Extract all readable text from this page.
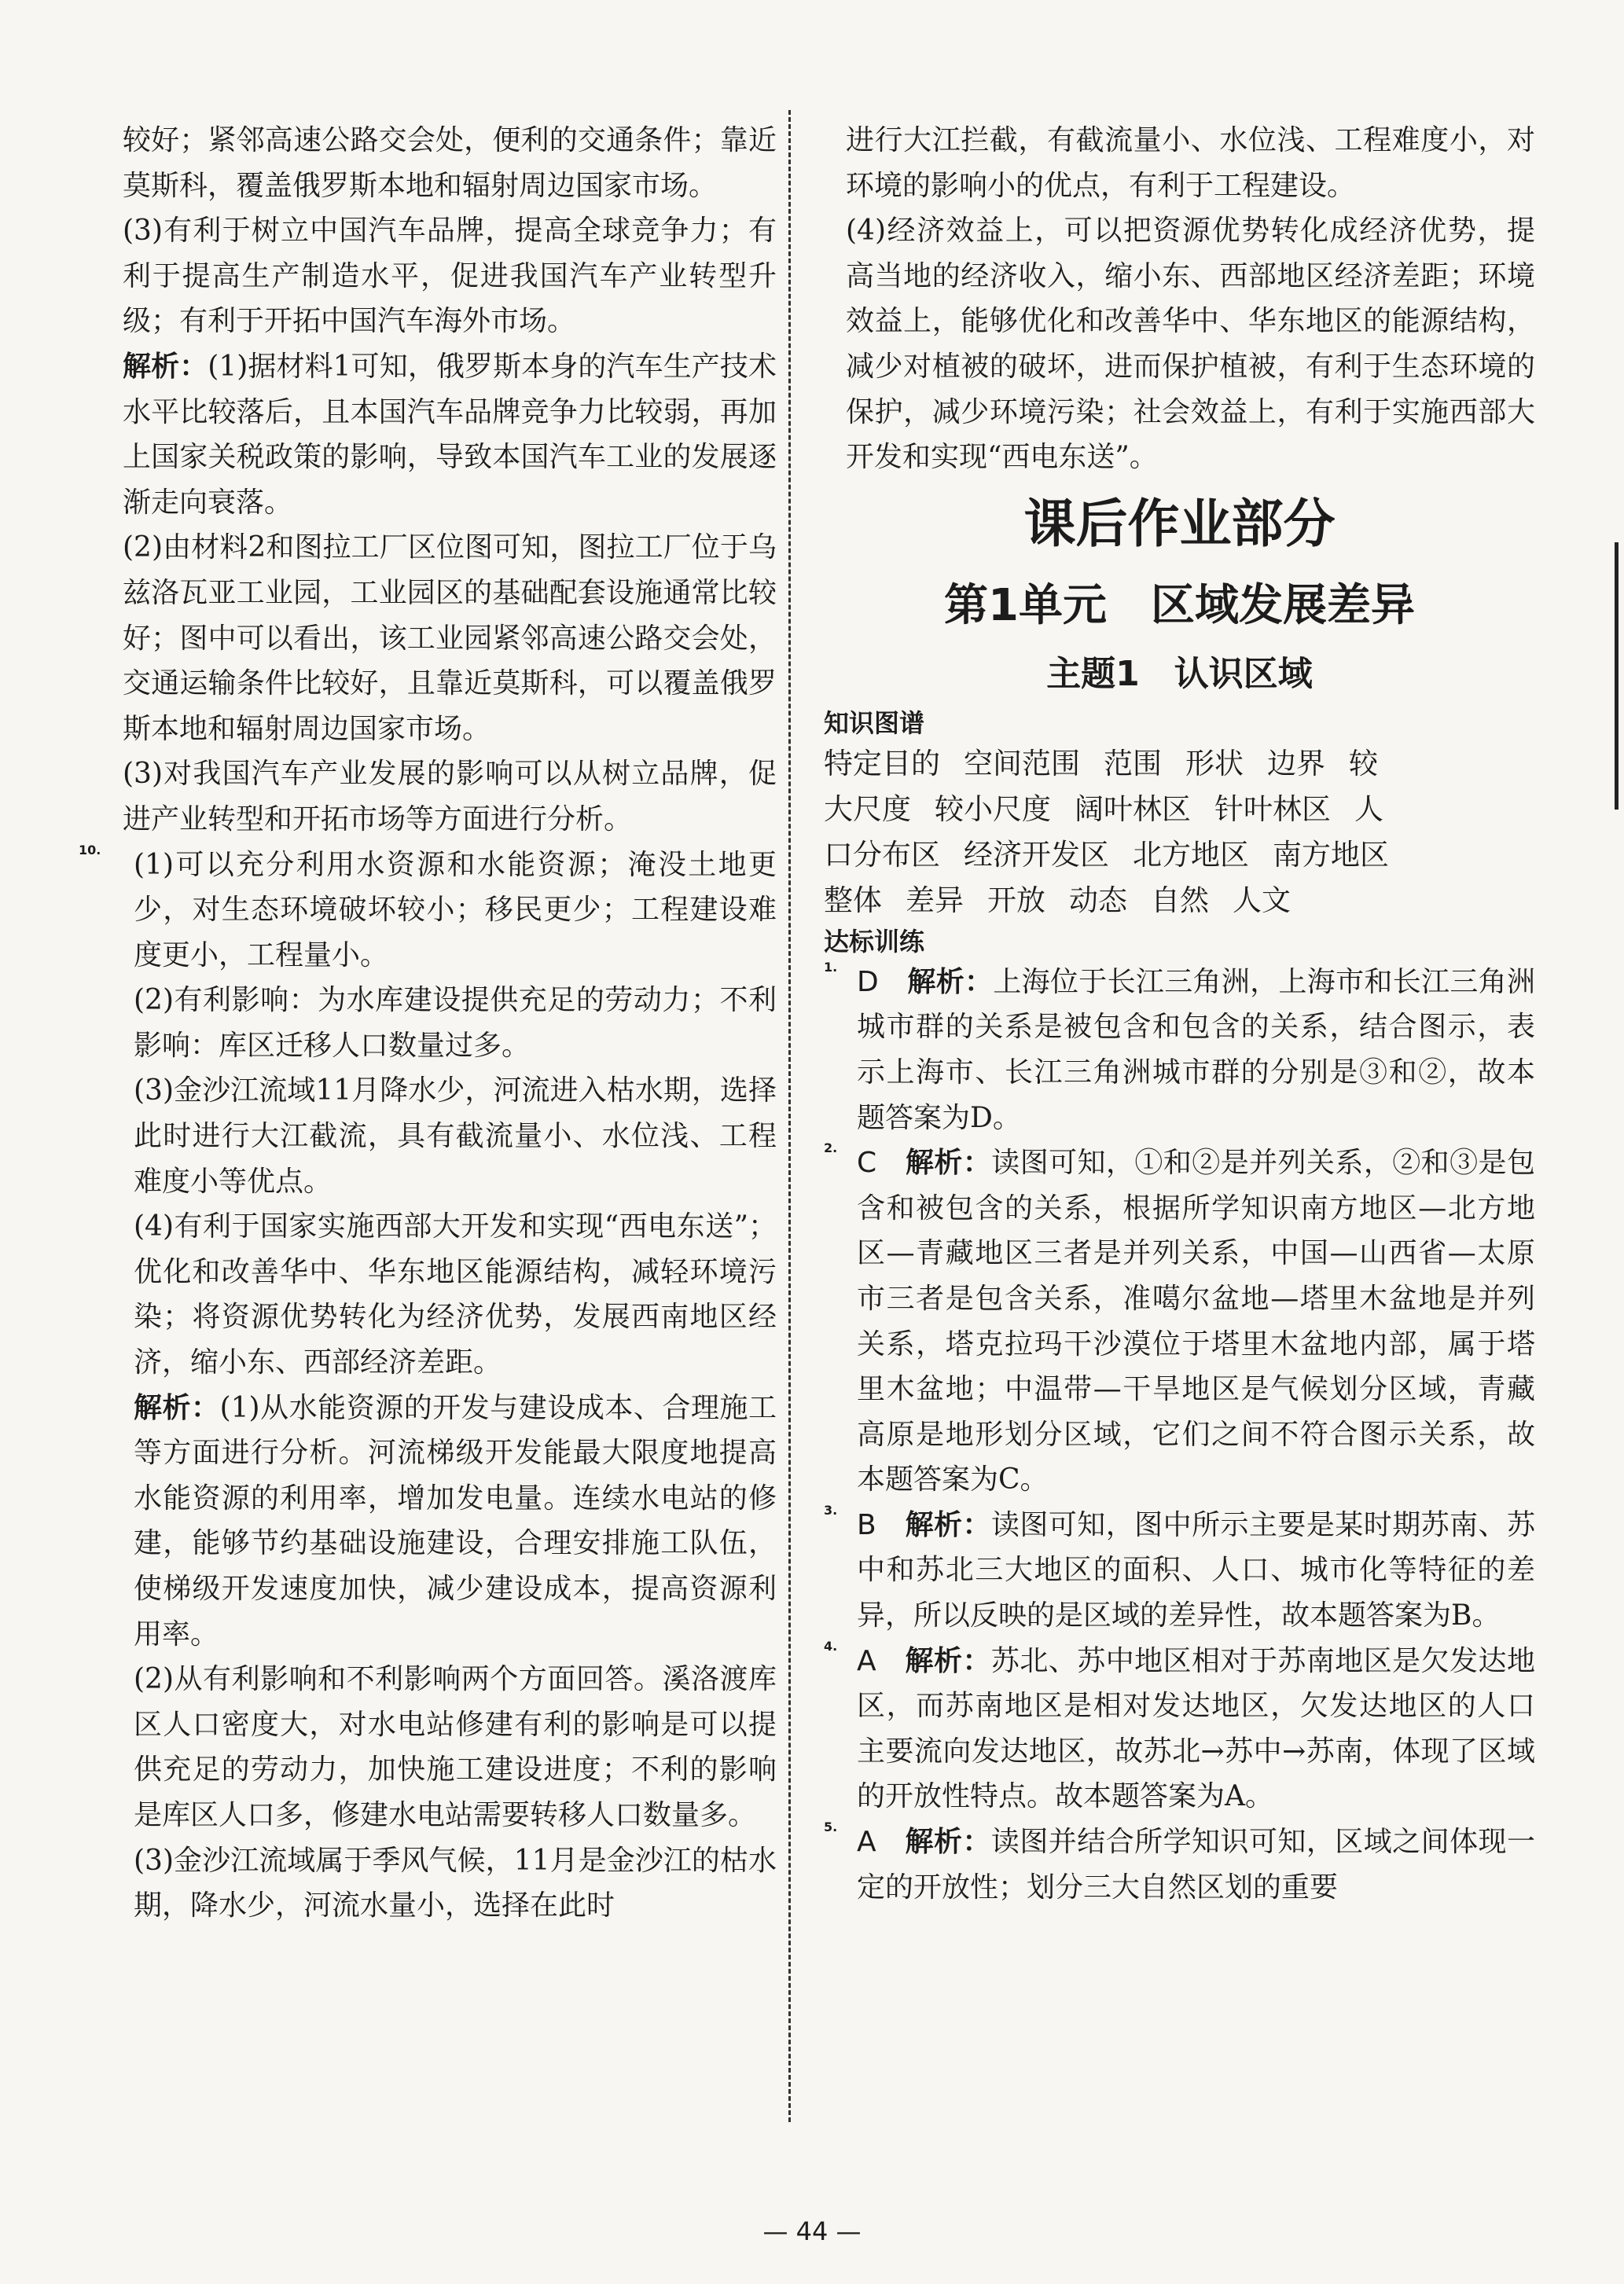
较好；紧邻高速公路交会处，便利的交通条件；靠近莫斯科，覆盖俄罗斯本地和辐射周边国家市场。

(3)有利于树立中国汽车品牌，提高全球竞争力；有利于提高生产制造水平，促进我国汽车产业转型升级；有利于开拓中国汽车海外市场。

解析：(1)据材料1可知，俄罗斯本身的汽车生产技术水平比较落后，且本国汽车品牌竞争力比较弱，再加上国家关税政策的影响，导致本国汽车工业的发展逐渐走向衰落。

(2)由材料2和图拉工厂区位图可知，图拉工厂位于乌兹洛瓦亚工业园，工业园区的基础配套设施通常比较好；图中可以看出，该工业园紧邻高速公路交会处，交通运输条件比较好，且靠近莫斯科，可以覆盖俄罗斯本地和辐射周边国家市场。

(3)对我国汽车产业发展的影响可以从树立品牌，促进产业转型和开拓市场等方面进行分析。

10. (1)可以充分利用水资源和水能资源；淹没土地更少，对生态环境破坏较小；移民更少；工程建设难度更小，工程量小。

(2)有利影响：为水库建设提供充足的劳动力；不利影响：库区迁移人口数量过多。

(3)金沙江流域11月降水少，河流进入枯水期，选择此时进行大江截流，具有截流量小、水位浅、工程难度小等优点。

(4)有利于国家实施西部大开发和实现“西电东送”；优化和改善华中、华东地区能源结构，减轻环境污染；将资源优势转化为经济优势，发展西南地区经济，缩小东、西部经济差距。

解析：(1)从水能资源的开发与建设成本、合理施工等方面进行分析。河流梯级开发能最大限度地提高水能资源的利用率，增加发电量。连续水电站的修建，能够节约基础设施建设，合理安排施工队伍，使梯级开发速度加快，减少建设成本，提高资源利用率。

(2)从有利影响和不利影响两个方面回答。溪洛渡库区人口密度大，对水电站修建有利的影响是可以提供充足的劳动力，加快施工建设进度；不利的影响是库区人口多，修建水电站需要转移人口数量多。

(3)金沙江流域属于季风气候，11月是金沙江的枯水期，降水少，河流水量小，选择在此时

进行大江拦截，有截流量小、水位浅、工程难度小，对环境的影响小的优点，有利于工程建设。

(4)经济效益上，可以把资源优势转化成经济优势，提高当地的经济收入，缩小东、西部地区经济差距；环境效益上，能够优化和改善华中、华东地区的能源结构，减少对植被的破坏，进而保护植被，有利于生态环境的保护，减少环境污染；社会效益上，有利于实施西部大开发和实现“西电东送”。

课后作业部分
第1单元　区域发展差异
主题1　认识区域

知识图谱

特定目的 空间范围 范围 形状 边界 较

大尺度 较小尺度 阔叶林区 针叶林区 人

口分布区 经济开发区 北方地区 南方地区

整体 差异 开放 动态 自然 人文

达标训练

1. D　 解析：上海位于长江三角洲，上海市和长江三角洲城市群的关系是被包含和包含的关系，结合图示，表示上海市、长江三角洲城市群的分别是③和②，故本题答案为D。

2. C　 解析：读图可知，①和②是并列关系，②和③是包含和被包含的关系，根据所学知识南方地区—北方地区—青藏地区三者是并列关系，中国—山西省—太原市三者是包含关系，准噶尔盆地—塔里木盆地是并列关系，塔克拉玛干沙漠位于塔里木盆地内部，属于塔里木盆地；中温带—干旱地区是气候划分区域，青藏高原是地形划分区域，它们之间不符合图示关系，故本题答案为C。

3. B　 解析：读图可知，图中所示主要是某时期苏南、苏中和苏北三大地区的面积、人口、城市化等特征的差异，所以反映的是区域的差异性，故本题答案为B。

4. A　 解析：苏北、苏中地区相对于苏南地区是欠发达地区，而苏南地区是相对发达地区，欠发达地区的人口主要流向发达地区，故苏北→苏中→苏南，体现了区域的开放性特点。故本题答案为A。

5. A　 解析：读图并结合所学知识可知，区域之间体现一定的开放性；划分三大自然区划的重要

— 44 —
